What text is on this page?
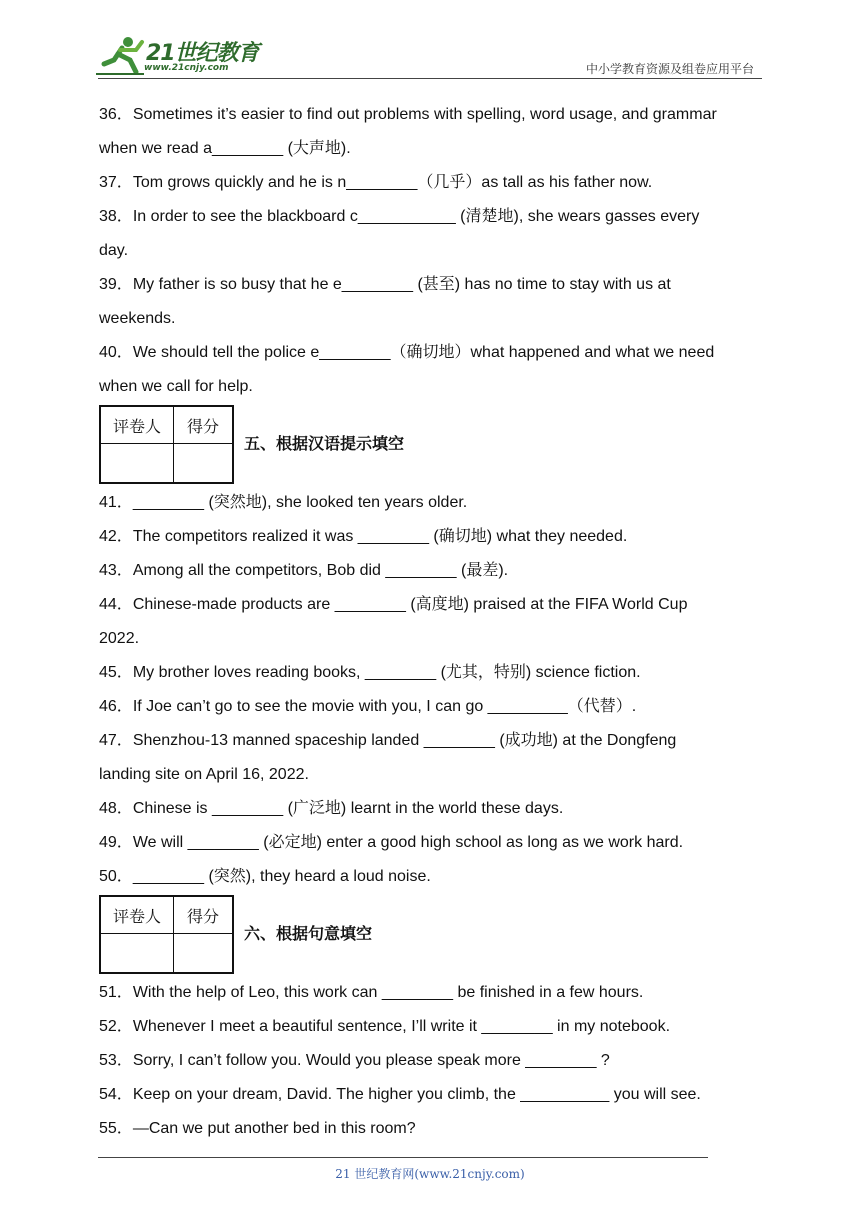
21世纪教育
www.21cnjy.com	中小学教育资源及组卷应用平台
36．Sometimes it’s easier to find out problems with spelling, word usage, and grammar
when we read a________ (大声地).
37．Tom grows quickly and he is n________（几乎）as tall as his father now.
38．In order to see the blackboard c___________ (清楚地), she wears gasses every
day.
39．My father is so busy that he e________ (甚至) has no time to stay with us at
weekends.
40．We should tell the police e________（确切地）what happened and what we need
when we call for help.
评卷人	得分

五、根据汉语提示填空
41．________ (突然地), she looked ten years older.
42．The competitors realized it was ________ (确切地) what they needed.
43．Among all the competitors, Bob did ________ (最差).
44．Chinese-made products are ________ (高度地) praised at the FIFA World Cup
2022.
45．My brother loves reading books, ________ (尤其，特别) science fiction.
46．If Joe can’t go to see the movie with you, I can go _________（代替）.
47．Shenzhou-13 manned spaceship landed ________ (成功地) at the Dongfeng
landing site on April 16, 2022.
48．Chinese is ________ (广泛地) learnt in the world these days.
49．We will ________ (必定地) enter a good high school as long as we work hard.
50．________ (突然), they heard a loud noise.
评卷人	得分

六、根据句意填空
51．With the help of Leo, this work can ________ be finished in a few hours.
52．Whenever I meet a beautiful sentence, I’ll write it ________ in my notebook.
53．Sorry, I can’t follow you. Would you please speak more ________ ?
54．Keep on your dream, David. The higher you climb, the __________ you will see.
55．—Can we put another bed in this room?
21 世纪教育网(www.21cnjy.com)
